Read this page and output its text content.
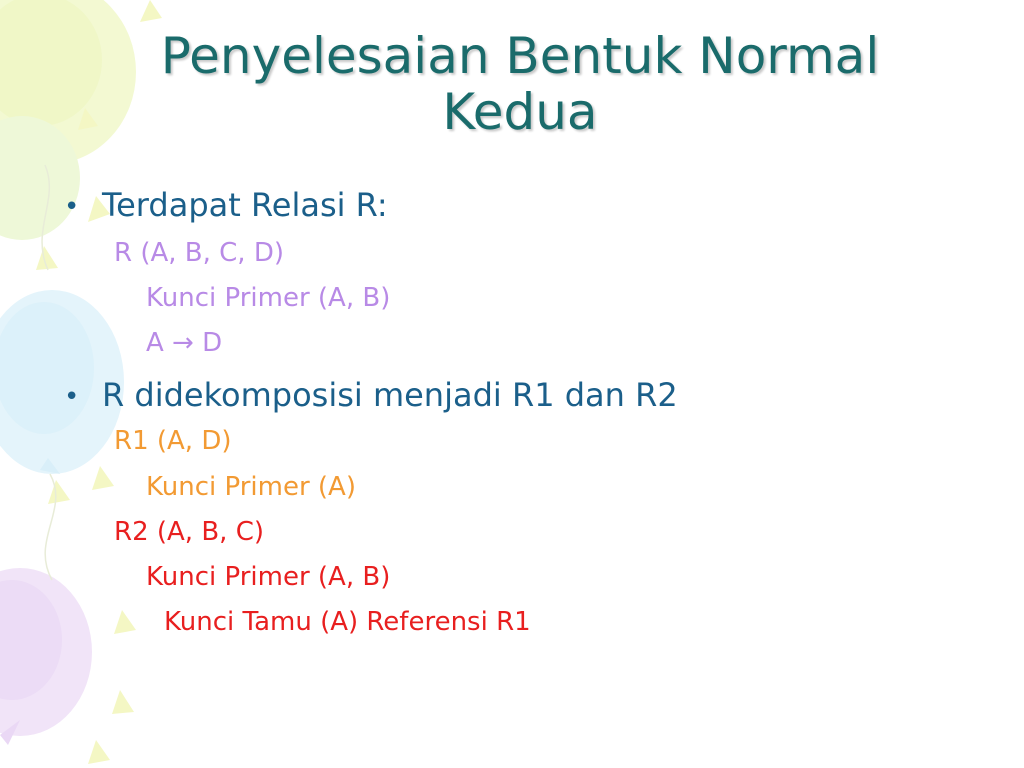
Penyelesaian Bentuk Normal
Kedua
• Terdapat Relasi R:
R (A, B, C, D)
Kunci Primer (A, B)
A → D
• R didekomposisi menjadi R1 dan R2
R1 (A, D)
Kunci Primer (A)
R2 (A, B, C)
Kunci Primer (A, B)
Kunci Tamu (A) Referensi R1
